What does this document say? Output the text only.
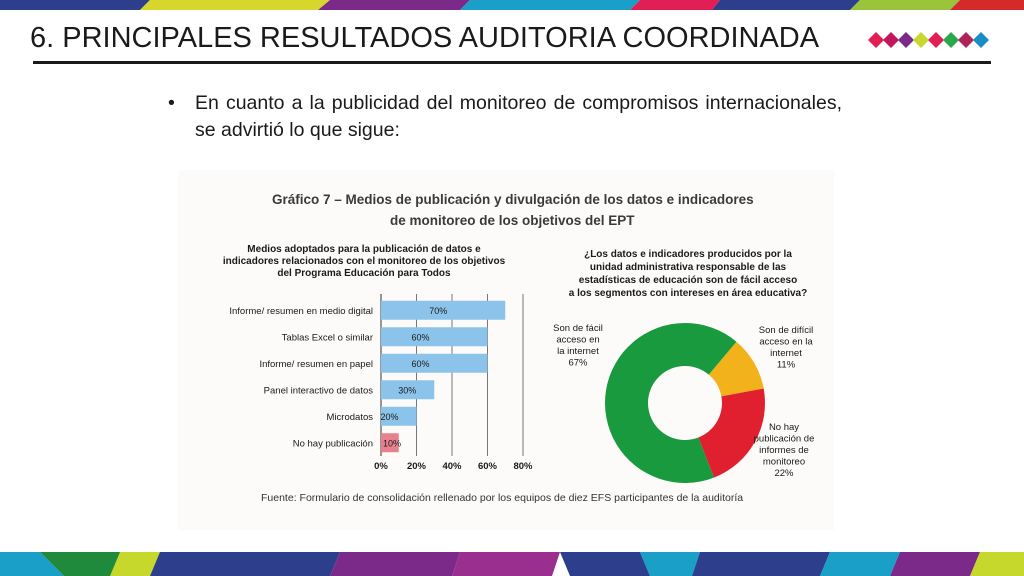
6. PRINCIPALES RESULTADOS AUDITORIA COORDINADA
• En cuanto a la publicidad del monitoreo de compromisos internacionales, se advirtió lo que sigue:
Gráfico 7 – Medios de publicación y divulgación de los datos e indicadores
de monitoreo de los objetivos del EPT
Medios adoptados para la publicación de datos e
indicadores relacionados con el monitoreo de los objetivos
del Programa Educación para Todos
0% 20% 40% 60% 80%
Informe/ resumen en medio digital	70%
Tablas Excel o similar	60%
Informe/ resumen en papel	60%
Panel interactivo de datos	30%
Microdatos 20%
No hay publicación 10%
¿Los datos e indicadores producidos por la
unidad administrativa responsable de las
estadísticas de educación son de fácil acceso
a los segmentos con intereses en área educativa?
Son de fácil
acceso en
la internet
67%
Son de difícil
acceso en la
internet
11%
No hay
publicación de
informes de
monitoreo
22%
Fuente: Formulario de consolidación rellenado por los equipos de diez EFS participantes de la auditoría
